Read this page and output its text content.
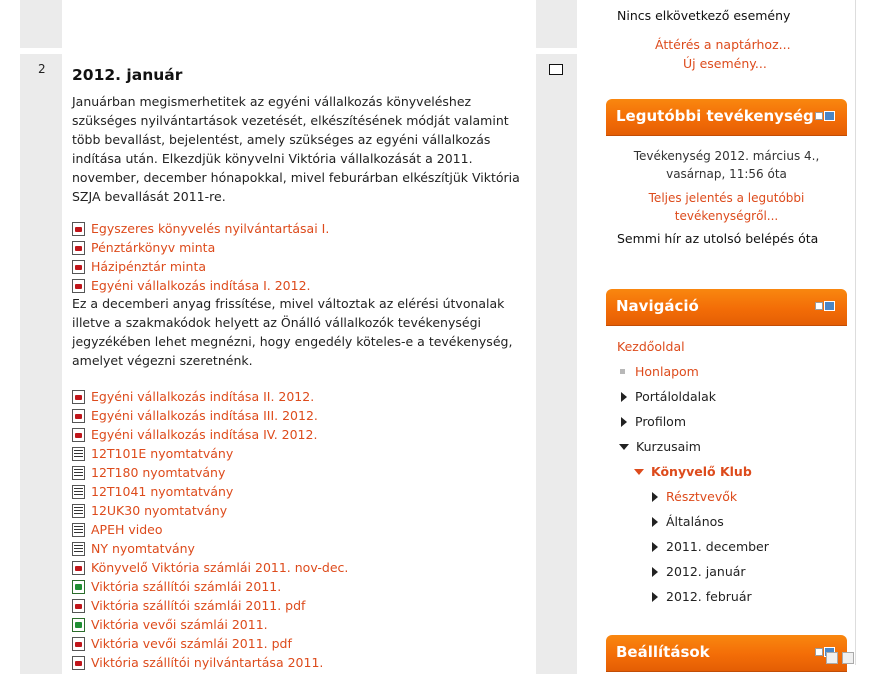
2 2012. január
Januárban megismerhetitek az egyéni vállalkozás könyveléshez szükséges nyilvántartások vezetését, elkészítésének módját valamint több bevallást, bejelentést, amely szükséges az egyéni vállalkozás indítása után. Elkezdjük könyvelni Viktória vállalkozását a 2011. november, december hónapokkal, mivel feburárban elkészítjük Viktória SZJA bevallását 2011-re.
Egyszeres könyvelés nyilvántartásai I.
Pénztárkönyv minta
Házipénztár minta
Egyéni vállalkozás indítása I. 2012.
Ez a decemberi anyag frissítése, mivel változtak az elérési útvonalak illetve a szakmakódok helyett az Önálló vállalkozók tevékenységi jegyzékében lehet megnézni, hogy engedély köteles-e a tevékenység, amelyet végezni szeretnénk.
Egyéni vállalkozás indítása II. 2012.
Egyéni vállalkozás indítása III. 2012.
Egyéni vállalkozás indítása IV. 2012.
12T101E nyomtatvány
12T180 nyomtatvány
12T1041 nyomtatvány
12UK30 nyomtatvány
APEH video
NY nyomtatvány
Könyvelő Viktória számlái 2011. nov-dec.
Viktória szállítói számlái 2011.
Viktória szállítói számlái 2011. pdf
Viktória vevői számlái 2011.
Viktória vevői számlái 2011. pdf
Viktória szállítói nyilvántartása 2011.
Nincs elkövetkező esemény
Áttérés a naptárhoz...
Új esemény...
Legutóbbi tevékenység
Tevékenység 2012. március 4.,
vasárnap, 11:56 óta
Teljes jelentés a legutóbbi
tevékenységről...
Semmi hír az utolsó belépés óta
Navigáció
Kezdőoldal
Honlapom
Portáloldalak
Profilom
Kurzusaim
Könyvelő Klub
Résztvevők
Általános
2011. december
2012. január
2012. február
Beállítások
